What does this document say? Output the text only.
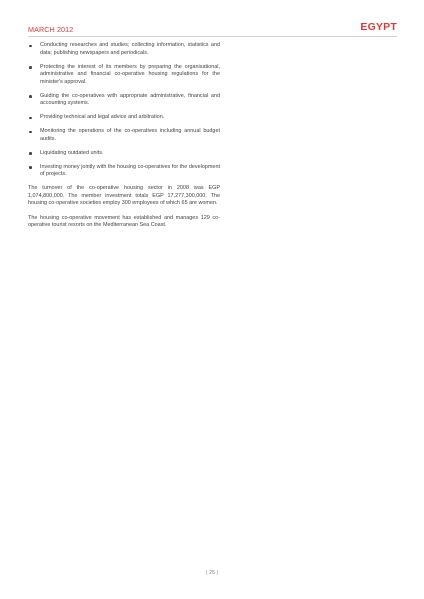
MARCH 2012	EGYPT
Conducting researches and studies; collecting information, statistics and data; publishing newspapers and periodicals.
Protecting the interest of its members by preparing the organisational, administrative and financial co-operative housing regulations for the minister's approval.
Guiding the co-operatives with appropriate administrative, financial and accounting systems.
Providing technical and legal advice and arbitration.
Monitoring the operations of the co-operatives including annual budget audits.
Liquidating outdated units.
Investing money jointly with the housing co-operatives for the development of projects.

The turnover of the co-operative housing sector in 2008 was EGP 1,074,800,000. The member investment totals EGP 17,277,300,000. The housing co-operative societies employ 300 employees of which 65 are women.

The housing co-operative movement has established and manages 129 co-operative tourist resorts on the Mediterranean Sea Coast.

| 25 |
